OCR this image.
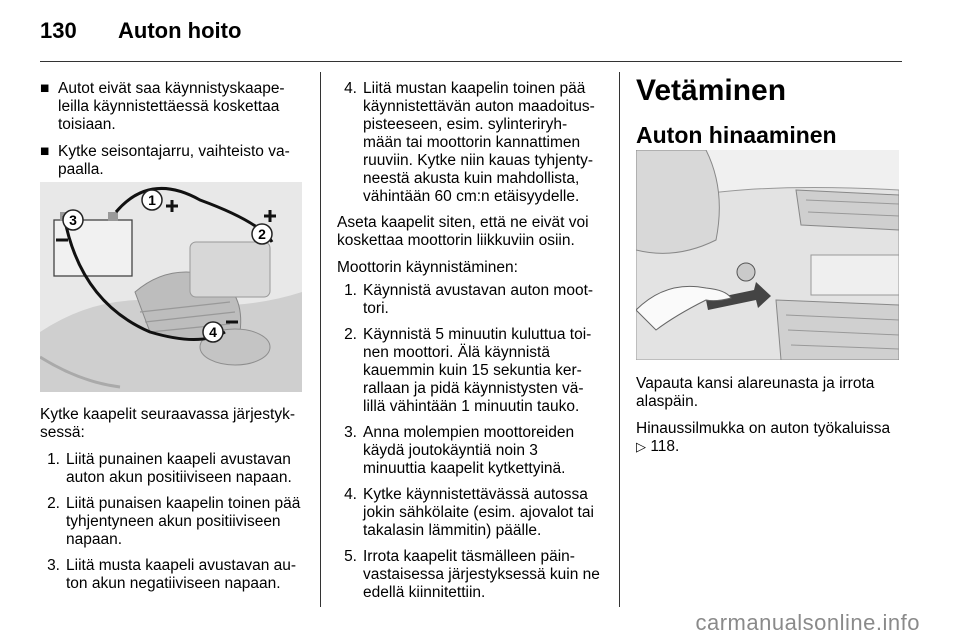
130 Auton hoito
■ Autot eivät saa käynnistyskaape-leilla käynnistettäessä koskettaa toisiaan.
■ Kytke seisontajarru, vaihteisto va-paalla.
1
2
3
4

Kytke kaapelit seuraavassa järjestyk-sessä:

1. Liitä punainen kaapeli avustavan auton akun positiiviseen napaan.
2. Liitä punaisen kaapelin toinen pää tyhjentyneen akun positiiviseen napaan.
3. Liitä musta kaapeli avustavan au-ton akun negatiiviseen napaan.
4. Liitä mustan kaapelin toinen pää käynnistettävän auton maadoitus-pisteeseen, esim. sylinteriryh-mään tai moottorin kannattimen ruuviin. Kytke niin kauas tyhjenty-neestä akusta kuin mahdollista, vähintään 60 cm:n etäisyydelle.

Aseta kaapelit siten, että ne eivät voi koskettaa moottorin liikkuviin osiin.

Moottorin käynnistäminen:

1. Käynnistä avustavan auton moot-tori.
2. Käynnistä 5 minuutin kuluttua toi-nen moottori. Älä käynnistä kauemmin kuin 15 sekuntia ker-rallaan ja pidä käynnistysten vä-lillä vähintään 1 minuutin tauko.
3. Anna molempien moottoreiden käydä joutokäyntiä noin 3 minuuttia kaapelit kytkettyinä.
4. Kytke käynnistettävässä autossa jokin sähkölaite (esim. ajovalot tai takalasin lämmitin) päälle.
5. Irrota kaapelit täsmälleen päin-vastaisessa järjestyksessä kuin ne edellä kiinnitettiin.
Vetäminen
Auton hinaaminen

Vapauta kansi alareunasta ja irrota alaspäin.

Hinaussilmukka on auton työkaluissa
▷ 118.

carmanualsonline.info
